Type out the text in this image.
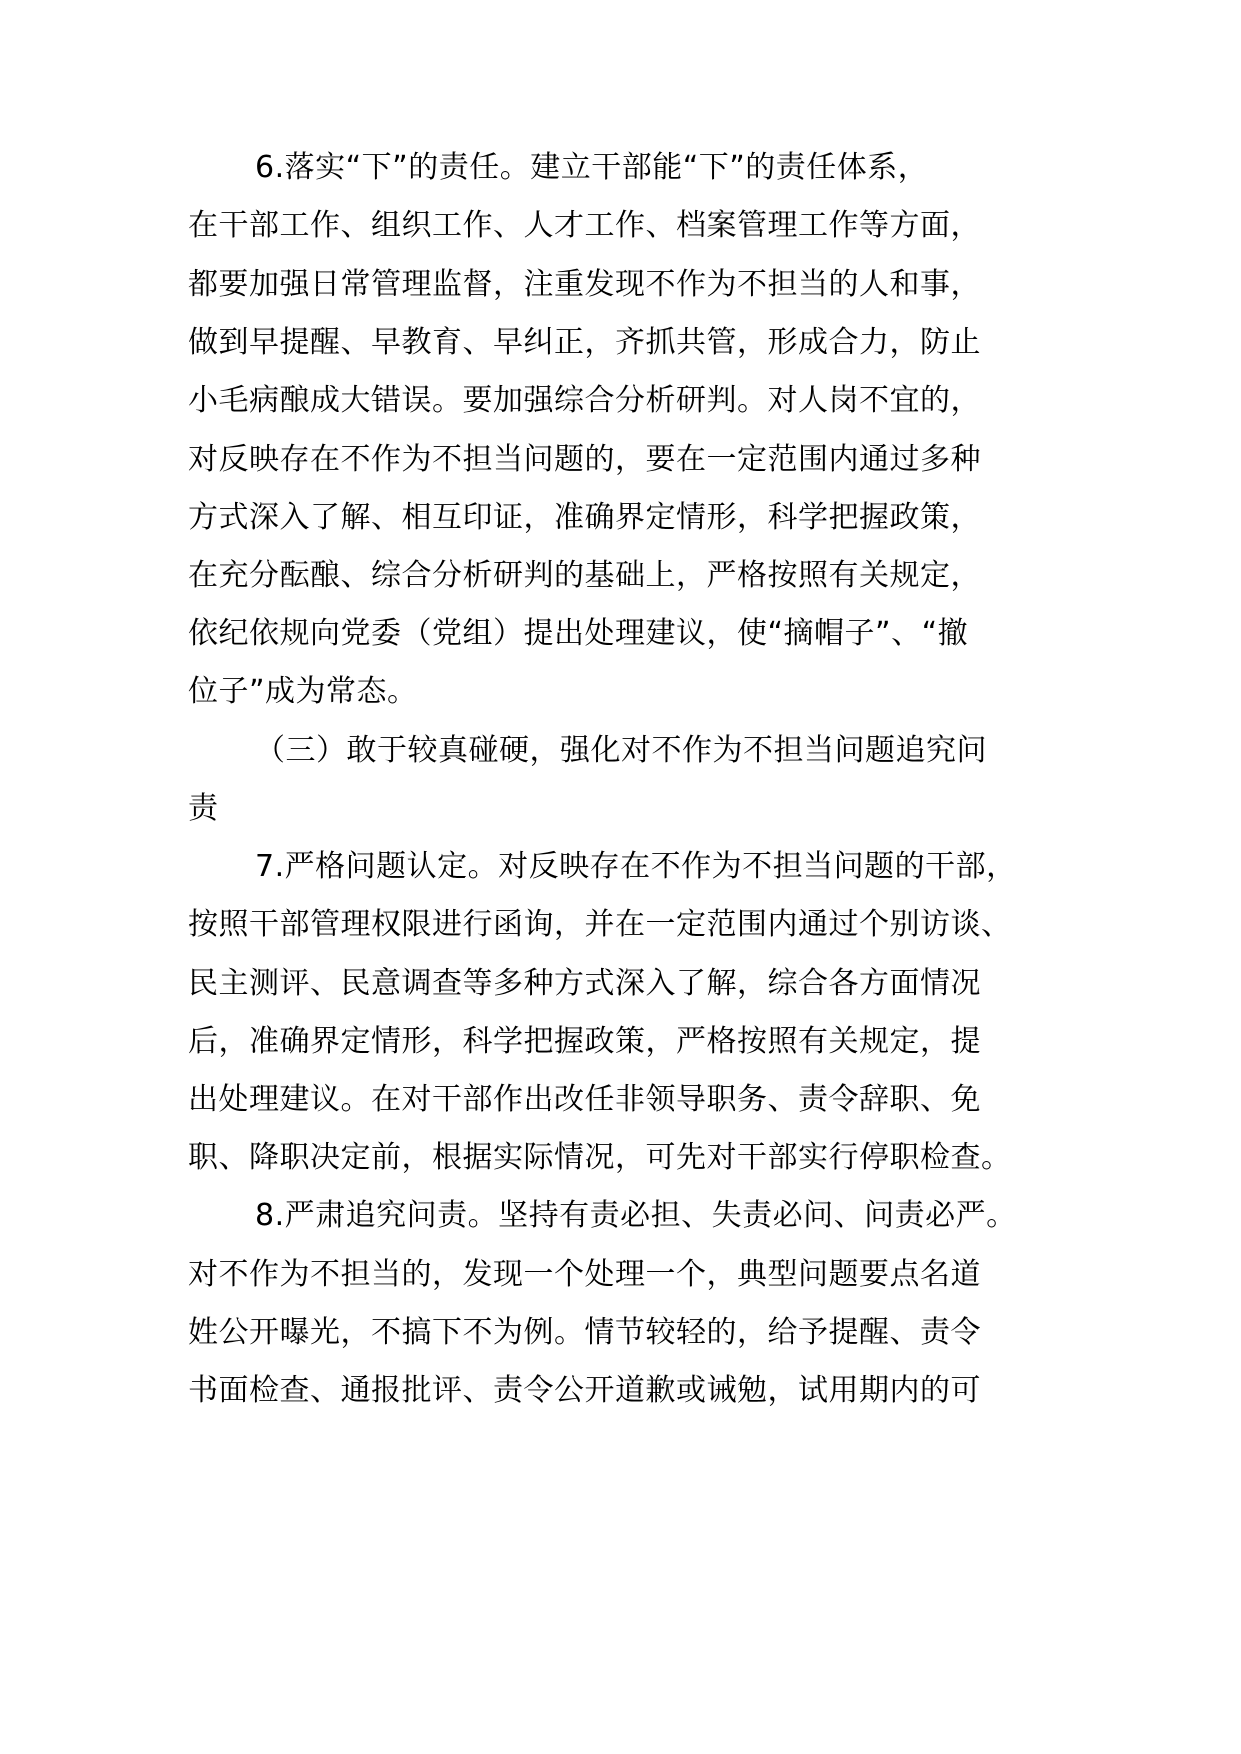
6.落实“下”的责任。建立干部能“下”的责任体系，
在干部工作、组织工作、人才工作、档案管理工作等方面，
都要加强日常管理监督，注重发现不作为不担当的人和事，
做到早提醒、早教育、早纠正，齐抓共管，形成合力，防止
小毛病酿成大错误。要加强综合分析研判。对人岗不宜的，
对反映存在不作为不担当问题的，要在一定范围内通过多种
方式深入了解、相互印证，准确界定情形，科学把握政策，
在充分酝酿、综合分析研判的基础上，严格按照有关规定，
依纪依规向党委（党组）提出处理建议，使“摘帽子”、“撤
位子”成为常态。
（三）敢于较真碰硬，强化对不作为不担当问题追究问
责
7.严格问题认定。对反映存在不作为不担当问题的干部，
按照干部管理权限进行函询，并在一定范围内通过个别访谈、
民主测评、民意调查等多种方式深入了解，综合各方面情况
后，准确界定情形，科学把握政策，严格按照有关规定，提
出处理建议。在对干部作出改任非领导职务、责令辞职、免
职、降职决定前，根据实际情况，可先对干部实行停职检查。
8.严肃追究问责。坚持有责必担、失责必问、问责必严。
对不作为不担当的，发现一个处理一个，典型问题要点名道
姓公开曝光，不搞下不为例。情节较轻的，给予提醒、责令
书面检查、通报批评、责令公开道歉或诫勉，试用期内的可
